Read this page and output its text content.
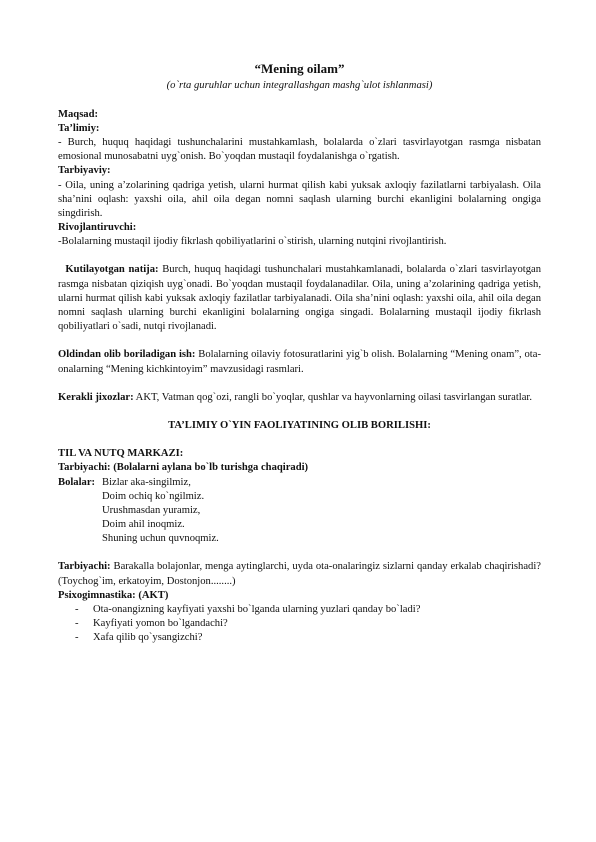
“Mening oilam”

(o`rta guruhlar uchun integrallashgan mashg`ulot ishlanmasi)

Maqsad:

Ta’limiy:

- Burch, huquq haqidagi tushunchalarini mustahkamlash, bolalarda o`zlari tasvirlayotgan rasmga nisbatan emosional munosabatni uyg`onish. Bo`yoqdan mustaqil foydalanishga o`rgatish.

Tarbiyaviy:

- Oila, uning a’zolarining qadriga yetish, ularni hurmat qilish kabi yuksak axloqiy fazilatlarni tarbiyalash. Oila sha’nini oqlash: yaxshi oila, ahil oila degan nomni saqlash ularning burchi ekanligini bolalarning ongiga singdirish.

Rivojlantiruvchi:

-Bolalarning mustaqil ijodiy fikrlash qobiliyatlarini o`stirish, ularning nutqini rivojlantirish.

Kutilayotgan natija: Burch, huquq haqidagi tushunchalari mustahkamlanadi, bolalarda o`zlari tasvirlayotgan rasmga nisbatan qiziqish uyg`onadi. Bo`yoqdan mustaqil foydalanadilar. Oila, uning a’zolarining qadriga yetish, ularni hurmat qilish kabi yuksak axloqiy fazilatlar tarbiyalanadi. Oila sha’nini oqlash: yaxshi oila, ahil oila degan nomni saqlash ularning burchi ekanligini bolalarning ongiga singadi. Bolalarning mustaqil ijodiy fikrlash qobiliyatlari o`sadi, nutqi rivojlanadi.

Oldindan olib boriladigan ish: Bolalarning oilaviy fotosuratlarini yig`b olish. Bolalarning “Mening onam”, ota-onalarning “Mening kichkintoyim” mavzusidagi rasmlari.

Kerakli jixozlar: AKT, Vatman qog`ozi, rangli bo`yoqlar, qushlar va hayvonlarning oilasi tasvirlangan suratlar.

TA’LIMIY O`YIN FAOLIYATINING OLIB BORILISHI:

TIL VA NUTQ MARKAZI:

Tarbiyachi: (Bolalarni aylana bo`lb turishga chaqiradi)

Bolalar: Bizlar aka-singilmiz,
Doim ochiq ko`ngilmiz.
Urushmasdan yuramiz,
Doim ahil inoqmiz.
Shuning uchun quvnoqmiz.

Tarbiyachi: Barakalla bolajonlar, menga aytinglarchi, uyda ota-onalaringiz sizlarni qanday erkalab chaqirishadi? (Toychog`im, erkatoyim, Dostonjon........)

Psixogimnastika: (AKT)

-	Ota-onangizning kayfiyati yaxshi bo`lganda ularning yuzlari qanday bo`ladi?
-	Kayfiyati yomon bo`lgandachi?
-	Xafa qilib qo`ysangizchi?
